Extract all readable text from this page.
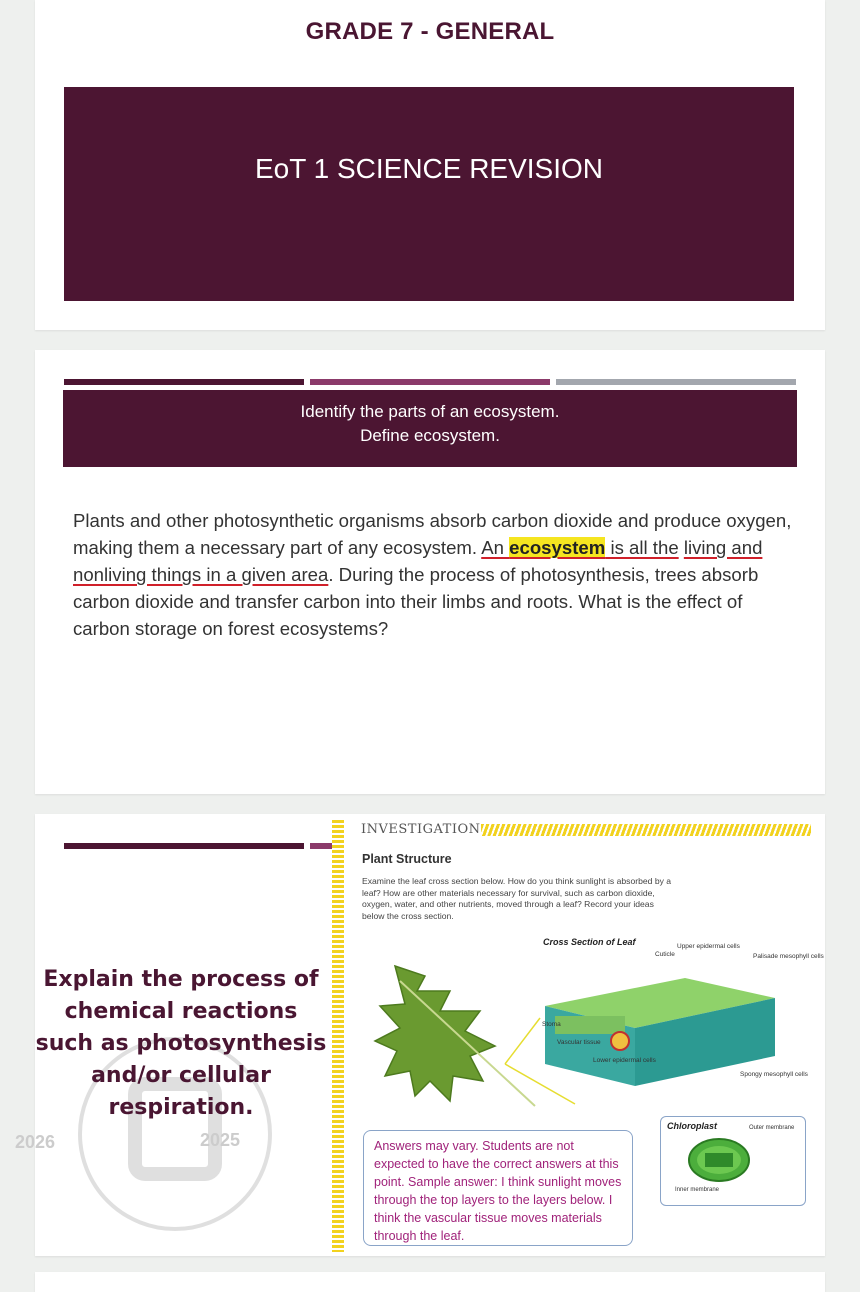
GRADE 7 - GENERAL
EoT 1 SCIENCE REVISION
Identify the parts of an ecosystem.
Define ecosystem.
Plants and other photosynthetic organisms absorb carbon dioxide and produce oxygen, making them a necessary part of any ecosystem. An ecosystem is all the living and nonliving things in a given area. During the process of photosynthesis, trees absorb carbon dioxide and transfer carbon into their limbs and roots. What is the effect of carbon storage on forest ecosystems?
2026	2025
Explain the process of chemical reactions such as photosynthesis and/or cellular respiration.
INVESTIGATION
Plant Structure
Examine the leaf cross section below. How do you think sunlight is absorbed by a leaf? How are other materials necessary for survival, such as carbon dioxide, oxygen, water, and other nutrients, moved through a leaf? Record your ideas below the cross section.
Cross Section of Leaf
Cuticle
Upper epidermal cells
Palisade mesophyll cells
Stoma
Vascular tissue
Lower epidermal cells
Spongy mesophyll cells
Chloroplast	Outer membrane
Inner membrane
Answers may vary. Students are not expected to have the correct answers at this point. Sample answer: I think sunlight moves through the top layers to the layers below. I think the vascular tissue moves materials through the leaf.
